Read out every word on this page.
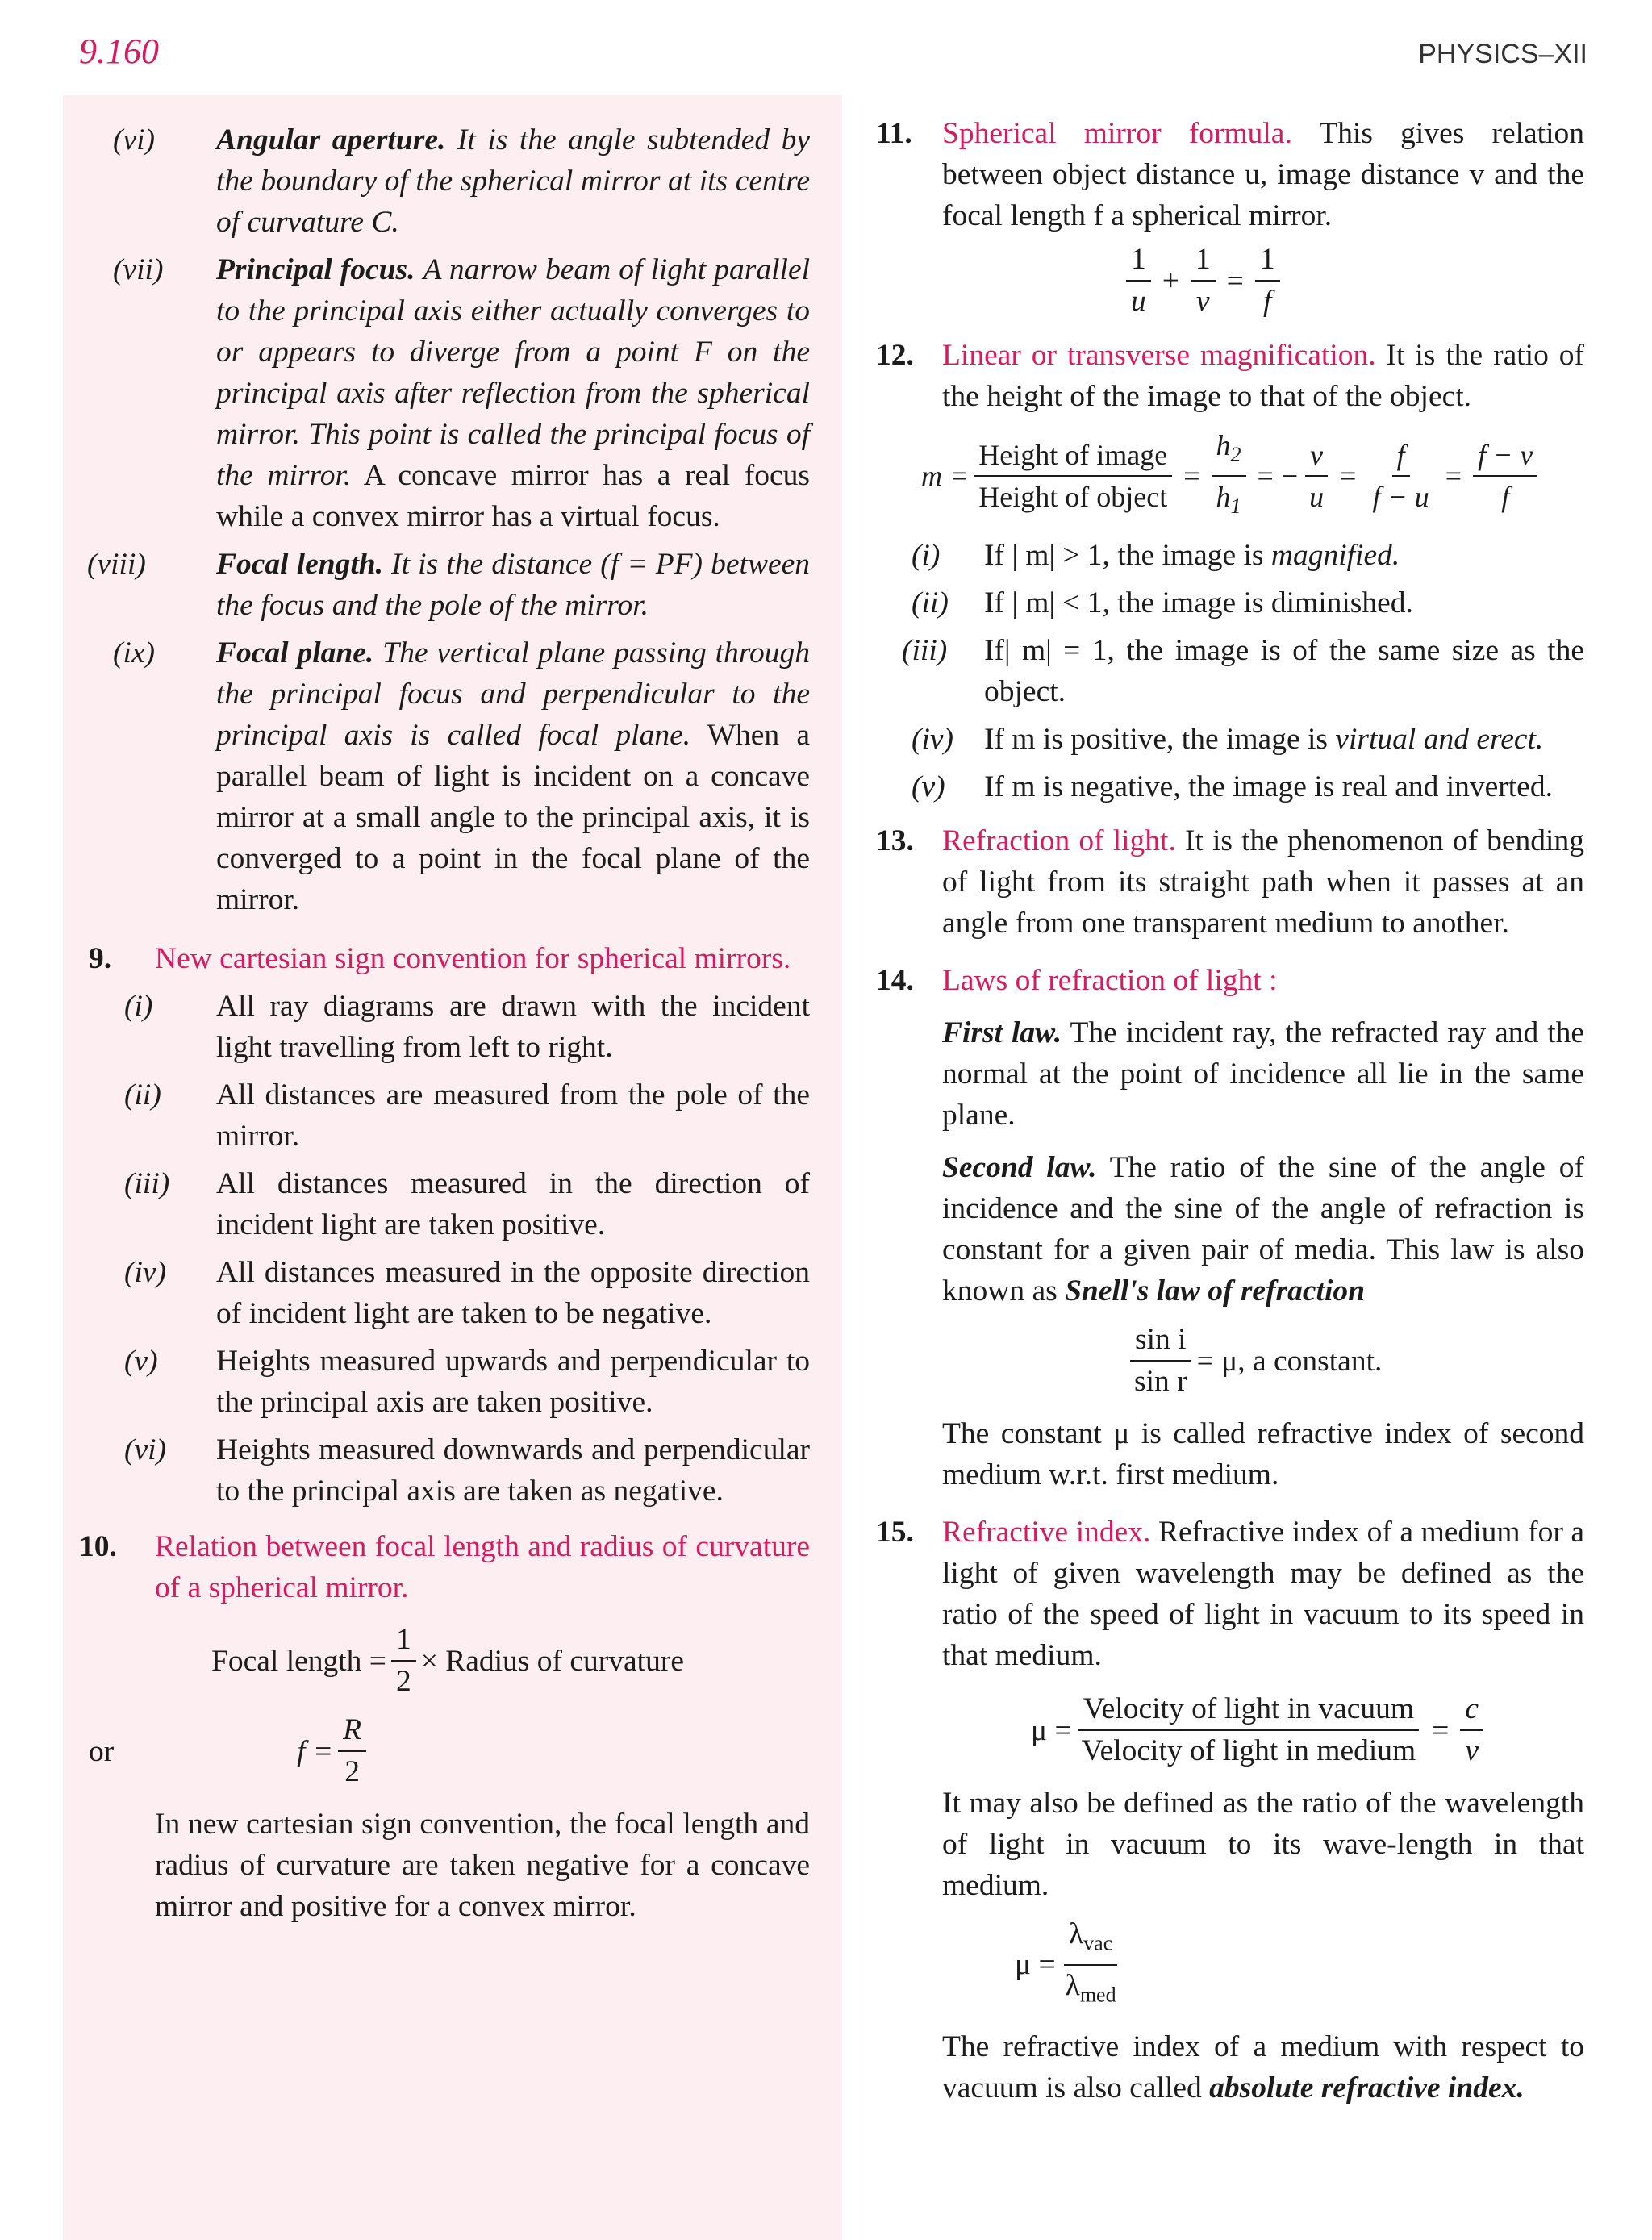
9.160	PHYSICS–XII
(vi) Angular aperture. It is the angle subtended by the boundary of the spherical mirror at its centre of curvature C.

(vii) Principal focus. A narrow beam of light parallel to the principal axis either actually converges to or appears to diverge from a point F on the principal axis after reflection from the spherical mirror. This point is called the principal focus of the mirror. A concave mirror has a real focus while a convex mirror has a virtual focus.

(viii) Focal length. It is the distance (f = PF) between the focus and the pole of the mirror.

(ix) Focal plane. The vertical plane passing through the principal focus and perpendicular to the principal axis is called focal plane. When a parallel beam of light is incident on a concave mirror at a small angle to the principal axis, it is converged to a point in the focal plane of the mirror.

9. New cartesian sign convention for spherical mirrors.

(i) All ray diagrams are drawn with the incident light travelling from left to right.

(ii) All distances are measured from the pole of the mirror.

(iii) All distances measured in the direction of incident light are taken positive.

(iv) All distances measured in the opposite direction of incident light are taken to be negative.

(v) Heights measured upwards and perpendicular to the principal axis are taken positive.

(vi) Heights measured downwards and perpendicular to the principal axis are taken as negative.

10. Relation between focal length and radius of curvature of a spherical mirror.

Focal length = $\frac{1}{2}$ × Radius of curvature
or	$f = \frac{R}{2}$

In new cartesian sign convention, the focal length and radius of curvature are taken negative for a concave mirror and positive for a convex mirror.

11. Spherical mirror formula. This gives relation between object distance u, image distance v and the focal length f a spherical mirror.

$\frac{1}{u} + \frac{1}{v} = \frac{1}{f}$
12. Linear or transverse magnification. It is the ratio of the height of the image to that of the object.

$m = \frac{\text{Height of image}}{\text{Height of object}} = \frac{h_2}{h_1}$ = − $\frac{v}{u} = \frac{f}{f - u} = \frac{f - v}{f}$
(i) If | m| > 1, the image is magnified.

(ii) If | m| < 1, the image is diminished.

(iii) If| m| = 1, the image is of the same size as the object.

(iv) If m is positive, the image is virtual and erect.

(v) If m is negative, the image is real and inverted.

13. Refraction of light. It is the phenomenon of bending of light from its straight path when it passes at an angle from one transparent medium to another.

14. Laws of refraction of light :

First law. The incident ray, the refracted ray and the normal at the point of incidence all lie in the same plane.

Second law. The ratio of the sine of the angle of incidence and the sine of the angle of refraction is constant for a given pair of media. This law is also known as Snell's law of refraction

$\frac{\text{sin i}}{\text{sin r}} = \mu$, a constant.

The constant μ is called refractive index of second medium w.r.t. first medium.

15. Refractive index. Refractive index of a medium for a light of given wavelength may be defined as the ratio of the speed of light in vacuum to its speed in that medium.

$\mu = \frac{\text{Velocity of light in vacuum}}{\text{Velocity of light in medium}} = \frac{c}{v}$

It may also be defined as the ratio of the wavelength of light in vacuum to its wave-length in that medium.

$\mu = \frac{\lambda_{vac}}{\lambda_{med}}$

The refractive index of a medium with respect to vacuum is also called absolute refractive index.
